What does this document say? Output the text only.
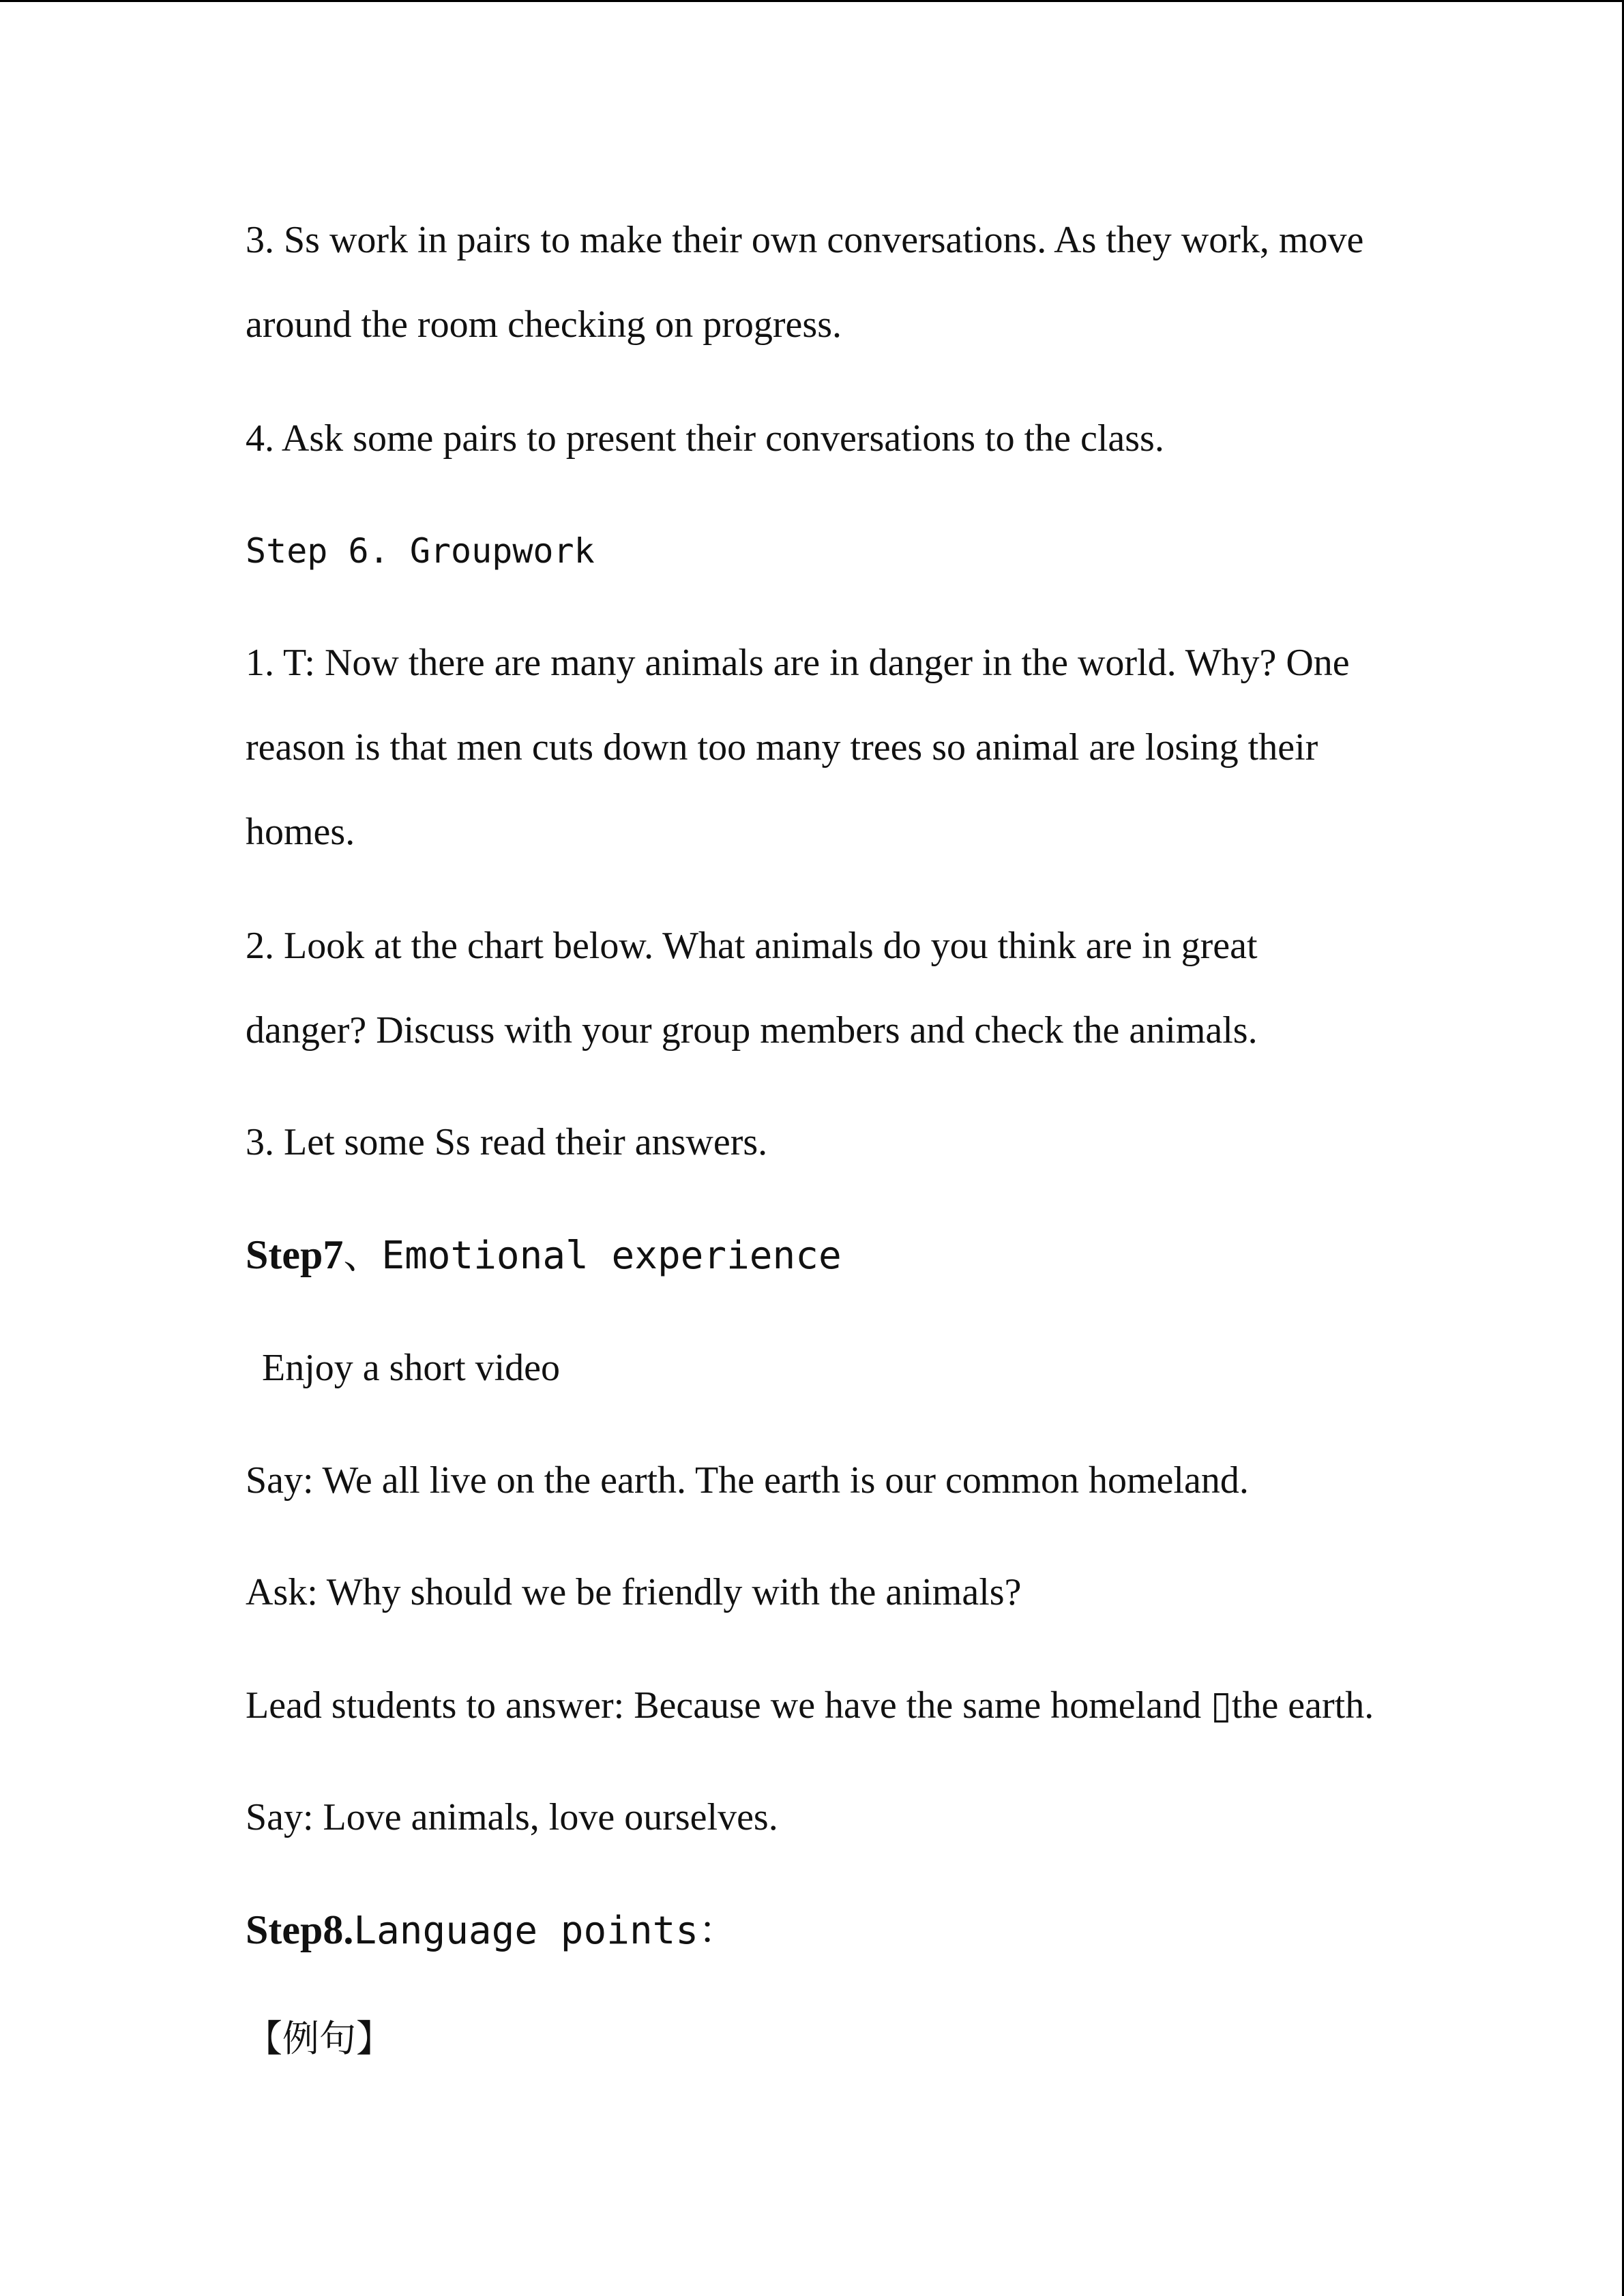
3. Ss work in pairs to make their own conversations. As they work, move
around the room checking on progress.
4. Ask some pairs to present their conversations to the class.
Step 6. Groupwork
1. T: Now there are many animals are in danger in the world. Why? One
reason is that men cuts down too many trees so animal are losing their
homes.
2. Look at the chart below. What animals do you think are in great
danger? Discuss with your group members and check the animals.
3. Let some Ss read their answers.
Step7、Emotional experience
Enjoy a short video
Say: We all live on the earth. The earth is our common homeland.
Ask: Why should we be friendly with the animals?
Lead students to answer: Because we have the same homeland ▯the earth.
Say: Love animals, love ourselves.
Step8.Language points：
【例句】
